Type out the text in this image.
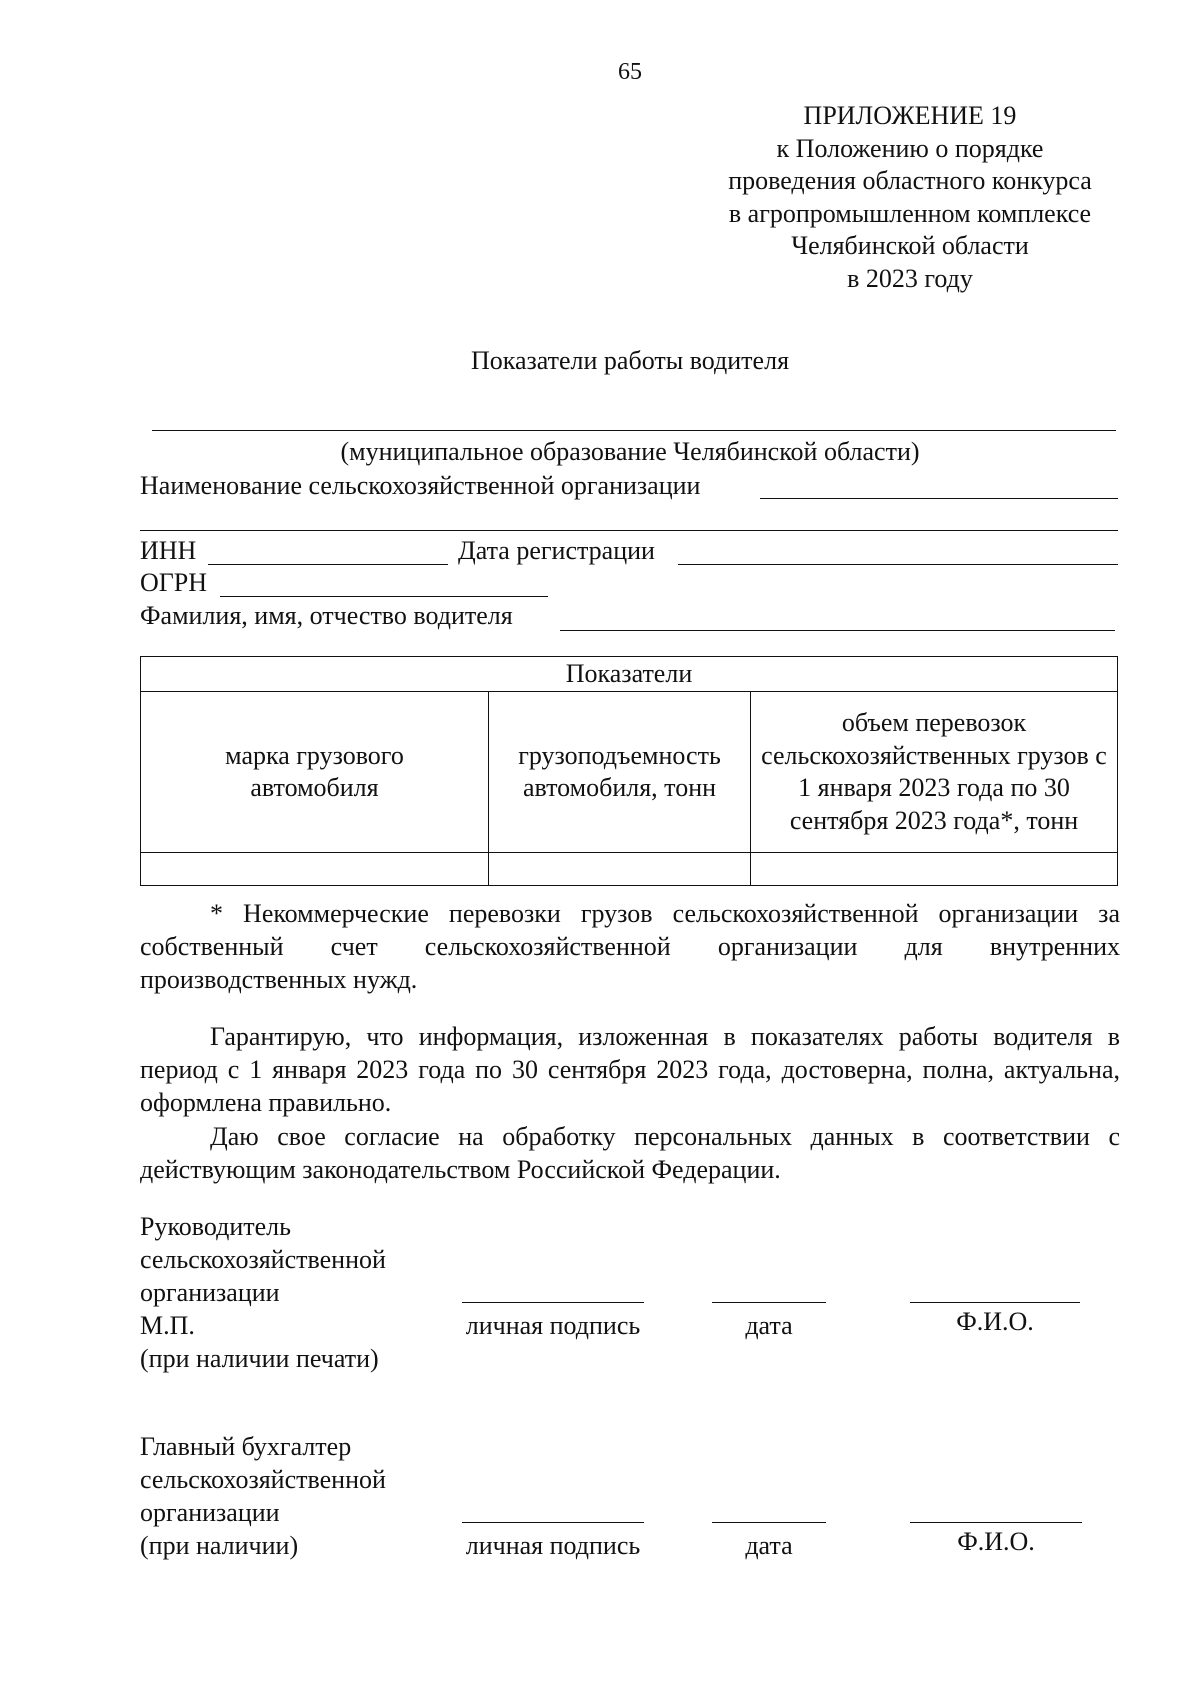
65
ПРИЛОЖЕНИЕ 19
к Положению о порядке
проведения областного конкурса
в агропромышленном комплексе
Челябинской области
в 2023 году
Показатели работы водителя
(муниципальное образование Челябинской области)
Наименование сельскохозяйственной организации
ИНН	Дата регистрации
ОГРН
Фамилия, имя, отчество водителя
Показатели		
марка грузового автомобиля	грузоподъемность автомобиля, тонн	объем перевозок сельскохозяйственных грузов с 1 января 2023 года по 30 сентября 2023 года*, тонн

* Некоммерческие перевозки грузов сельскохозяйственной организации за собственный счет сельскохозяйственной организации для внутренних производственных нужд.
Гарантирую, что информация, изложенная в показателях работы водителя в период с 1 января 2023 года по 30 сентября 2023 года, достоверна, полна, актуальна, оформлена правильно.
Даю свое согласие на обработку персональных данных в соответствии с действующим законодательством Российской Федерации.
Руководитель
сельскохозяйственной
организации
М.П.
(при наличии печати)
личная подпись	дата	Ф.И.О.
Главный бухгалтер
сельскохозяйственной
организации
(при наличии)	личная подпись	дата	Ф.И.О.
